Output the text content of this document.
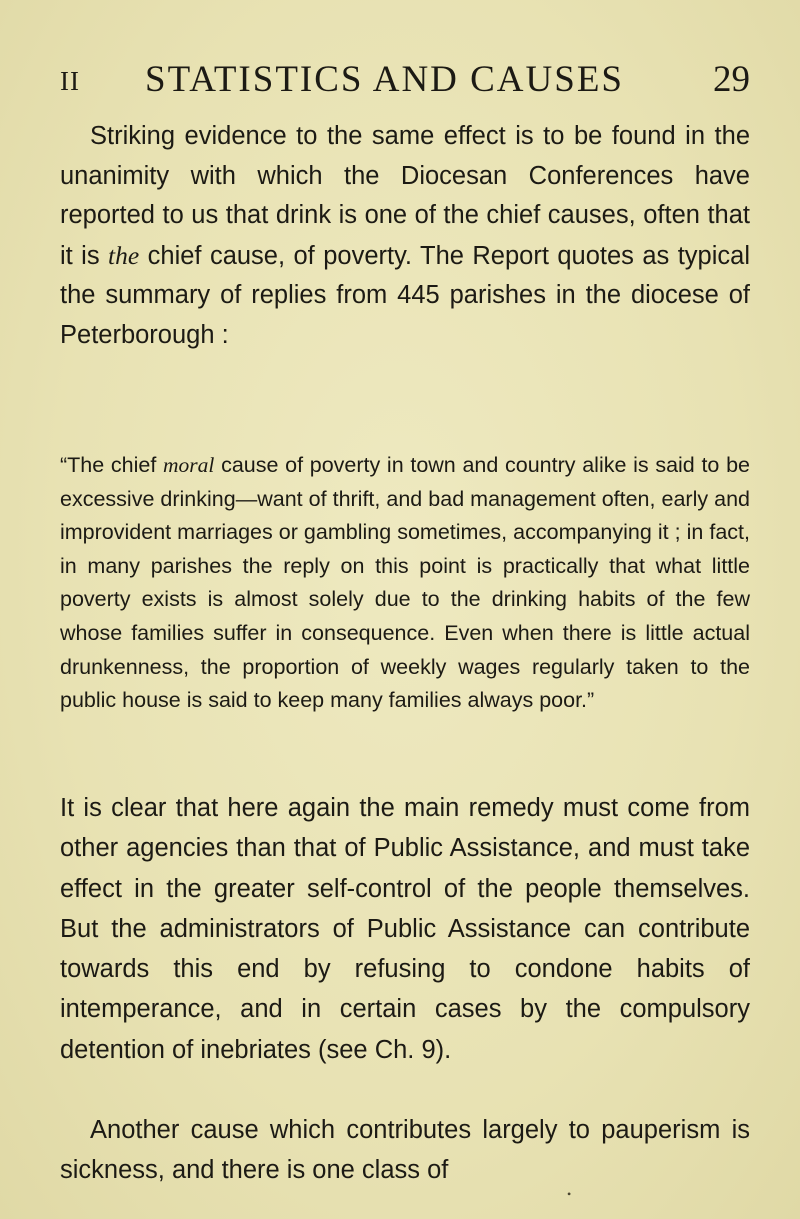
II STATISTICS AND CAUSES 29

Striking evidence to the same effect is to be found in the unanimity with which the Diocesan Conferences have reported to us that drink is one of the chief causes, often that it is the chief cause, of poverty. The Report quotes as typical the summary of replies from 445 parishes in the diocese of Peterborough :

“The chief moral cause of poverty in town and country alike is said to be excessive drinking—want of thrift, and bad management often, early and improvident marriages or gambling sometimes, accompanying it ; in fact, in many parishes the reply on this point is practically that what little poverty exists is almost solely due to the drinking habits of the few whose families suffer in consequence. Even when there is little actual drunkenness, the proportion of weekly wages regularly taken to the public house is said to keep many families always poor.”

It is clear that here again the main remedy must come from other agencies than that of Public Assistance, and must take effect in the greater self-control of the people themselves. But the administrators of Public Assistance can contribute towards this end by refusing to condone habits of intemperance, and in certain cases by the compulsory detention of inebriates (see Ch. 9).

Another cause which contributes largely to pauperism is sickness, and there is one class of

•
